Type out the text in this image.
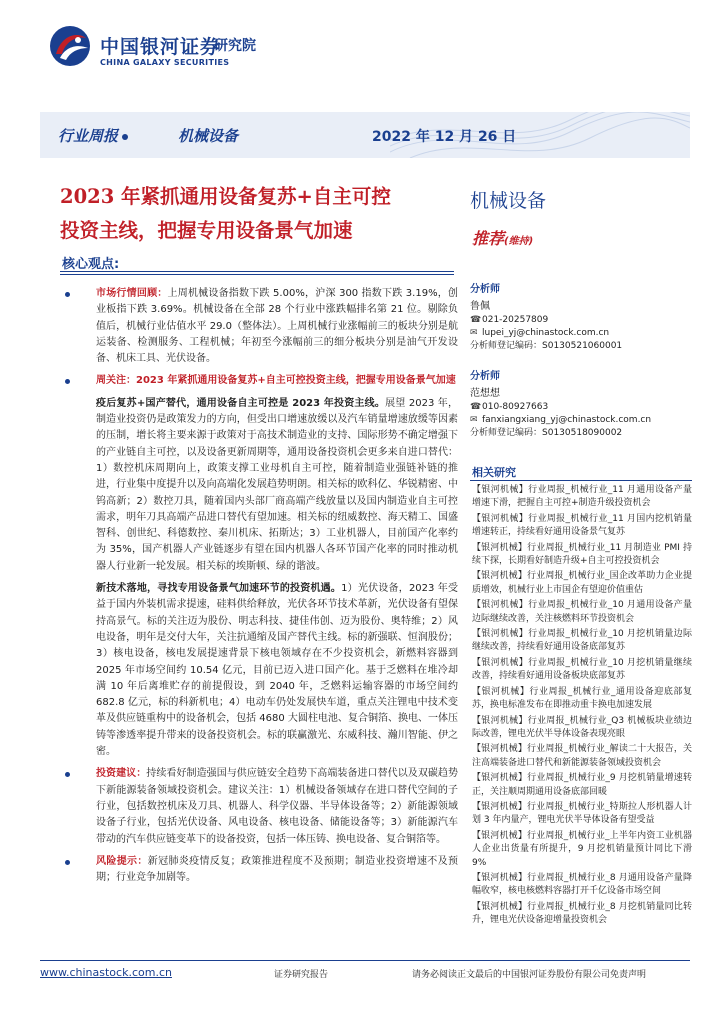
中国银河证券
CHINA GALAXY SECURITIES
研究院
行业周报	机械设备	2022 年 12 月 26 日
2023 年紧抓通用设备复苏+自主可控
投资主线，把握专用设备景气加速
机械设备
推荐(维持)
核心观点:
市场行情回顾：上周机械设备指数下跌 5.00%，沪深 300 指数下跌 3.19%，创业板指下跌 3.69%。机械设备在全部 28 个行业中涨跌幅排名第 21 位。剔除负值后，机械行业估值水平 29.0（整体法）。上周机械行业涨幅前三的板块分别是航运装备、检测服务、工程机械；年初至今涨幅前三的细分板块分别是油气开发设备、机床工具、光伏设备。
周关注：2023 年紧抓通用设备复苏+自主可控投资主线，把握专用设备景气加速
疫后复苏+国产替代，通用设备自主可控是 2023 年投资主线。展望 2023 年，制造业投资仍是政策发力的方向，但受出口增速放缓以及汽车销量增速放缓等因素的压制，增长将主要来源于政策对于高技术制造业的支持、国际形势不确定增强下的产业链自主可控，以及设备更新周期等，通用设备投资机会更多来自进口替代：1）数控机床周期向上，政策支撑工业母机自主可控，随着制造业强链补链的推进，行业集中度提升以及向高端化发展趋势明朗。相关标的欧科亿、华锐精密、中钨高新；2）数控刀具，随着国内头部厂商高端产线放量以及国内制造业自主可控需求，明年刀具高端产品进口替代有望加速。相关标的纽威数控、海天精工、国盛智科、创世纪、科德数控、秦川机床、拓斯达；3）工业机器人，目前国产化率约为 35%，国产机器人产业链逐步有望在国内机器人各环节国产化率的同时推动机器人行业新一轮发展。相关标的埃斯顿、绿的谐波。
新技术落地，寻找专用设备景气加速环节的投资机遇。1）光伏设备，2023 年受益于国内外装机需求提速，硅料供给释放，光伏各环节技术革新，光伏设备有望保持高景气。标的关注迈为股份、明志科技、捷佳伟创、迈为股份、奥特维；2）风电设备，明年是交付大年，关注抗通缩及国产替代主线。标的新强联、恒润股份；3）核电设备，核电发展提速背景下核电领域存在不少投资机会，新燃料容器到 2025 年市场空间约 10.54 亿元，目前已迈入进口国产化。基于乏燃料在堆冷却满 10 年后离堆贮存的前提假设，到 2040 年，乏燃料运输容器的市场空间约 682.8 亿元，标的科新机电；4）电动车仍处发展快车道，重点关注锂电中技术变革及供应链重构中的设备机会，包括 4680 大圆柱电池、复合铜箔、换电、一体压铸等渗透率提升带来的设备投资机会。标的联赢激光、东威科技、瀚川智能、伊之密。
投资建议：持续看好制造强国与供应链安全趋势下高端装备进口替代以及双碳趋势下新能源装备领域投资机会。建议关注：1）机械设备领域存在进口替代空间的子行业，包括数控机床及刀具、机器人、科学仪器、半导体设备等；2）新能源领域设备子行业，包括光伏设备、风电设备、核电设备、储能设备等；3）新能源汽车带动的汽车供应链变革下的设备投资，包括一体压铸、换电设备、复合铜箔等。
风险提示：新冠肺炎疫情反复；政策推进程度不及预期；制造业投资增速不及预期；行业竞争加剧等。
分析师
鲁佩
☎ 021-20257809
✉ lupei_yj@chinastock.com.cn
分析师登记编码：S0130521060001
分析师
范想想
☎ 010-80927663
✉ fanxiangxiang_yj@chinastock.com.cn
分析师登记编码：S0130518090002
相关研究
【银河机械】行业周报_机械行业_11 月通用设备产量增速下滑，把握自主可控+制造升级投资机会
【银河机械】行业周报_机械行业_11 月国内挖机销量增速转正，持续看好通用设备景气复苏
【银河机械】行业周报_机械行业_11 月制造业 PMI 持续下探，长期看好制造升级+自主可控投资机会
【银河机械】行业周报_机械行业_国企改革助力企业提质增效，机械行业上市国企有望迎价值重估
【银河机械】行业周报_机械行业_10 月通用设备产量边际继续改善，关注核燃料环节投资机会
【银河机械】行业周报_机械行业_10 月挖机销量边际继续改善，持续看好通用设备底部复苏
【银河机械】行业周报_机械行业_10 月挖机销量继续改善，持续看好通用设备板块底部复苏
【银河机械】行业周报_机械行业_通用设备迎底部复苏，换电标准发布在即推动重卡换电加速发展
【银河机械】行业周报_机械行业_Q3 机械板块业绩边际改善，锂电光伏半导体设备表现亮眼
【银河机械】行业周报_机械行业_解读二十大报告，关注高端装备进口替代和新能源装备领域投资机会
【银河机械】行业周报_机械行业_9 月挖机销量增速转正，关注顺周期通用设备底部回暖
【银河机械】行业周报_机械行业_特斯拉人形机器人计划 3 年内量产，锂电光伏半导体设备有望受益
【银河机械】行业周报_机械行业_上半年内资工业机器人企业出货量有所提升，9 月挖机销量预计同比下滑 9%
【银河机械】行业周报_机械行业_8 月通用设备产量降幅收窄，核电核燃料容器打开千亿设备市场空间
【银河机械】行业周报_机械行业_8 月挖机销量同比转升，锂电光伏设备迎增量投资机会
www.chinastock.com.cn	证券研究报告	请务必阅读正文最后的中国银河证券股份有限公司免责声明
